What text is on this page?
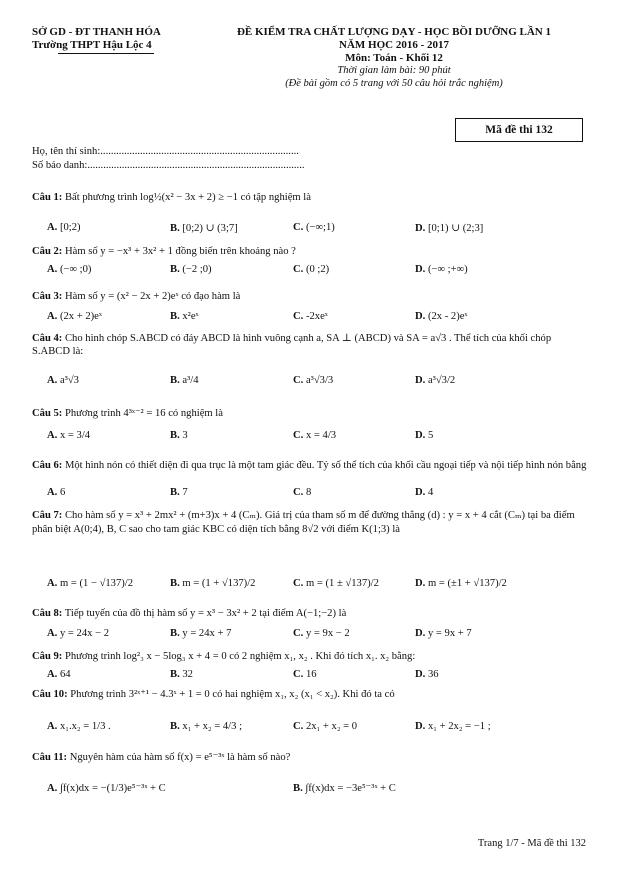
SỞ GD - ĐT THANH HÓA
Trường THPT Hậu Lộc 4
ĐỀ KIỂM TRA CHẤT LƯỢNG DẠY - HỌC BỒI DƯỠNG LẦN 1
NĂM HỌC 2016 - 2017
Môn: Toán - Khối 12
Thời gian làm bài: 90 phút
(Đề bài gồm có 5 trang với 50 câu hỏi trắc nghiệm)
Mã đề thi 132
Họ, tên thí sinh:...........................................................................
Số báo danh:..................................................................................
Câu 1: Bất phương trình log½(x² − 3x + 2) ≥ −1 có tập nghiệm là
A. [0;2)	B. [0;2) ∪ (3;7]	C. (−∞;1)	D. [0;1) ∪ (2;3]
Câu 2: Hàm số y = −x³ + 3x² + 1 đồng biến trên khoảng nào ?
A. (−∞ ;0)	B. (−2 ;0)	C. (0 ;2)	D. (−∞ ;+∞)
Câu 3: Hàm số y = (x² − 2x + 2)eˣ có đạo hàm là
A. (2x + 2)eˣ	B. x²eˣ	C. -2xeˣ	D. (2x - 2)eˣ
Câu 4: Cho hình chóp S.ABCD có đáy ABCD là hình vuông cạnh a, SA ⊥ (ABCD) và SA = a√3 . Thể tích của khối chóp S.ABCD là:
A. a³√3	B. a³/4	C. a³√3/3	D. a³√3/2
Câu 5: Phương trình 4³ˣ⁻² = 16 có nghiệm là
A. x = 3/4	B. 3	C. x = 4/3	D. 5
Câu 6: Một hình nón có thiết diện đi qua trục là một tam giác đều. Tỷ số thể tích của khối cầu ngoại tiếp và nội tiếp hình nón bằng
A. 6	B. 7	C. 8	D. 4
Câu 7: Cho hàm số y = x³ + 2mx² + (m+3)x + 4 (Cₘ). Giá trị của tham số m để đường thẳng (d) : y = x + 4 cắt (Cₘ) tại ba điểm phân biệt A(0;4), B, C sao cho tam giác KBC có diện tích bằng 8√2 với điểm K(1;3) là
A. m = (1 − √137)/2	B. m = (1 + √137)/2	C. m = (1 ± √137)/2	D. m = (±1 + √137)/2
Câu 8: Tiếp tuyến của đồ thị hàm số y = x³ − 3x² + 2 tại điểm A(−1;−2) là
A. y = 24x − 2	B. y = 24x + 7	C. y = 9x − 2	D. y = 9x + 7
Câu 9: Phương trình log²₃ x − 5log₃ x + 4 = 0 có 2 nghiệm x₁, x₂ . Khi đó tích x₁. x₂ bằng:
A. 64	B. 32	C. 16	D. 36
Câu 10: Phương trình 3²ˣ⁺¹ − 4.3ˣ + 1 = 0 có hai nghiệm x₁, x₂ (x₁ < x₂). Khi đó ta có
A. x₁.x₂ = 1/3 .	B. x₁ + x₂ = 4/3 ;	C. 2x₁ + x₂ = 0	D. x₁ + 2x₂ = −1 ;
Câu 11: Nguyên hàm của hàm số f(x) = e⁵⁻³ˣ là hàm số nào?
A. ∫f(x)dx = −(1/3)e⁵⁻³ˣ + C	B. ∫f(x)dx = −3e⁵⁻³ˣ + C
Trang 1/7 - Mã đề thi 132
